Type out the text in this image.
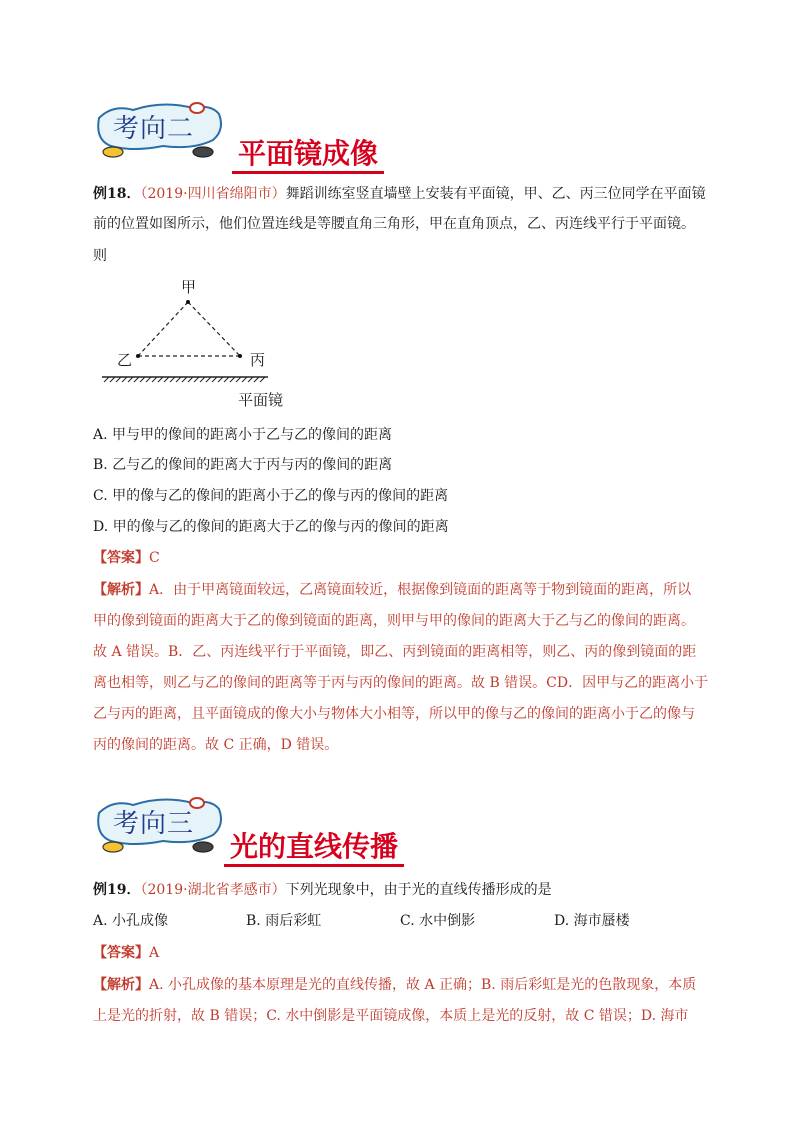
考向二
平面镜成像
例18．（2019·四川省绵阳市）舞蹈训练室竖直墙壁上安装有平面镜，甲、乙、丙三位同学在平面镜
前的位置如图所示，他们位置连线是等腰直角三角形，甲在直角顶点，乙、丙连线平行于平面镜。
则
甲
乙	丙
平面镜
A. 甲与甲的像间的距离小于乙与乙的像间的距离
B. 乙与乙的像间的距离大于丙与丙的像间的距离
C. 甲的像与乙的像间的距离小于乙的像与丙的像间的距离
D. 甲的像与乙的像间的距离大于乙的像与丙的像间的距离
【答案】C
【解析】A．由于甲离镜面较远，乙离镜面较近，根据像到镜面的距离等于物到镜面的距离，所以
甲的像到镜面的距离大于乙的像到镜面的距离，则甲与甲的像间的距离大于乙与乙的像间的距离。
故 A 错误。B．乙、丙连线平行于平面镜，即乙、丙到镜面的距离相等，则乙、丙的像到镜面的距
离也相等，则乙与乙的像间的距离等于丙与丙的像间的距离。故 B 错误。CD．因甲与乙的距离小于
乙与丙的距离，且平面镜成的像大小与物体大小相等，所以甲的像与乙的像间的距离小于乙的像与
丙的像间的距离。故 C 正确，D 错误。
考向三
光的直线传播
例19．（2019·湖北省孝感市）下列光现象中，由于光的直线传播形成的是
A. 小孔成像	B. 雨后彩虹	C. 水中倒影	D. 海市蜃楼
【答案】A
【解析】A. 小孔成像的基本原理是光的直线传播，故 A 正确；B. 雨后彩虹是光的色散现象，本质
上是光的折射，故 B 错误；C. 水中倒影是平面镜成像，本质上是光的反射，故 C 错误；D. 海市
